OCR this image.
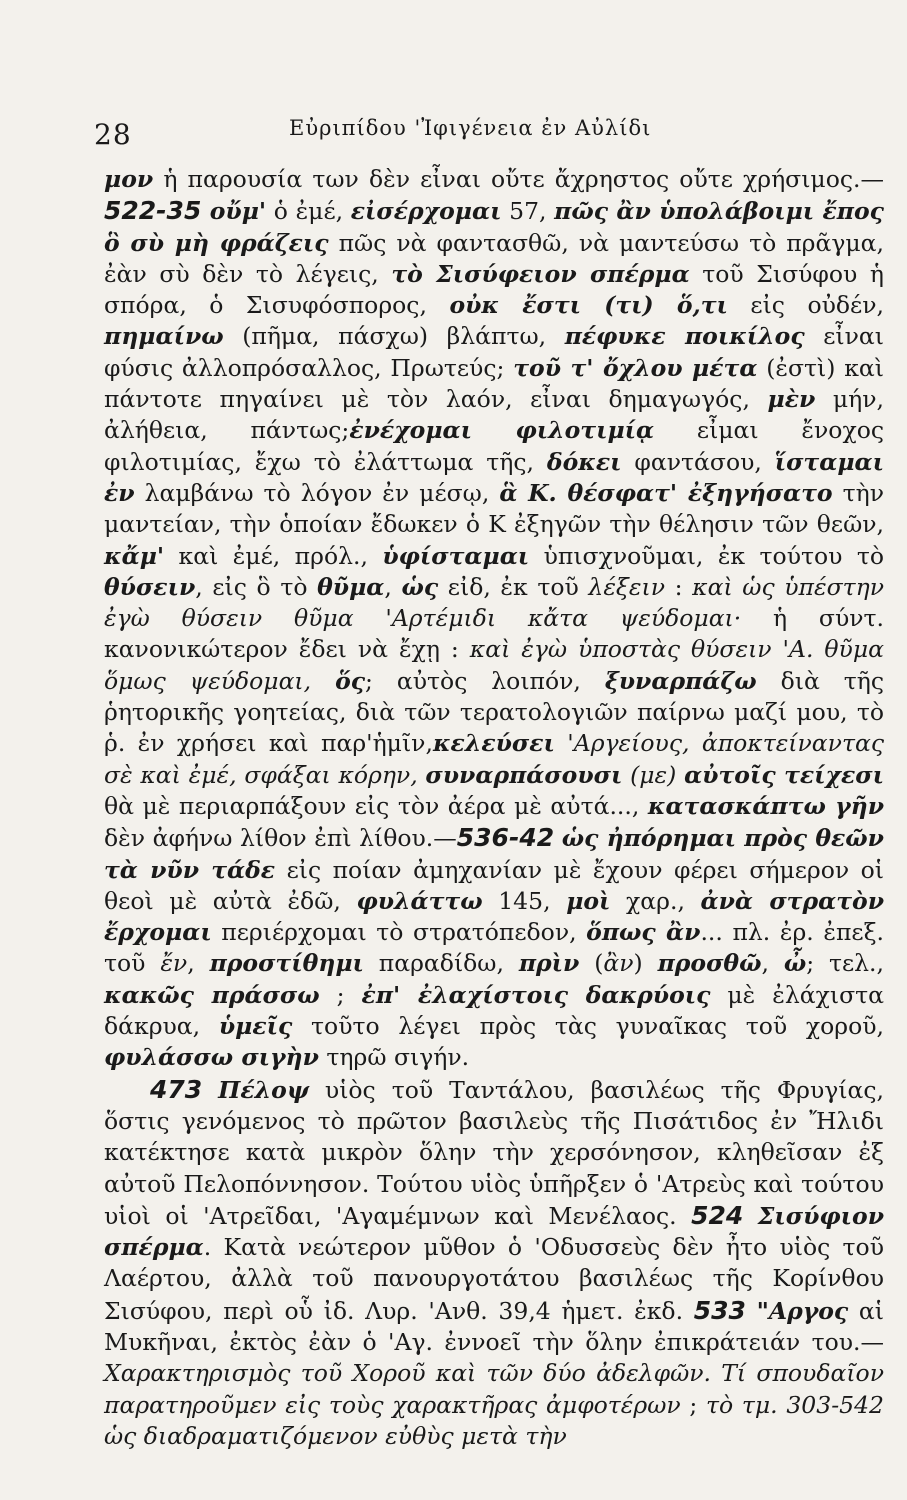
28	Εὐριπίδου 'Ἰφιγένεια ἐν Αὐλίδι

μον ἡ παρουσία των δὲν εἶναι οὔτε ἄχρηστος οὔτε χρήσιμος.— 522-35 οὔμ' ὁ ἐμέ, εἰσέρχομαι 57, πῶς ἂν ὑπολάβοιμι ἔπος ὃ σὺ μὴ φράζεις πῶς νὰ φαντασθῶ, νὰ μαντεύσω τὸ πρᾶγμα, ἐὰν σὺ δὲν τὸ λέγεις, τὸ Σισύφειον σπέρμα τοῦ Σισύφου ἡ σπόρα, ὁ Σισυφόσπορος, οὐκ ἔστι (τι) ὅ,τι εἰς οὐδέν, πημαίνω (πῆμα, πάσχω) βλάπτω, πέφυκε ποικίλος εἶναι φύσις ἀλλοπρόσαλλος, Πρωτεύς; τοῦ τ' ὄχλου μέτα (ἐστὶ) καὶ πάντοτε πηγαίνει μὲ τὸν λαόν, εἶναι δημαγωγός, μὲν μήν, ἀλήθεια, πάντως;ἐνέχομαι φιλοτιμίᾳ εἶμαι ἔνοχος φιλοτιμίας, ἔχω τὸ ἐλάττωμα τῆς, δόκει φαντάσου, ἵσταμαι ἐν λαμβάνω τὸ λόγον ἐν μέσῳ, ἃ Κ. θέσφατ' ἐξηγήσατο τὴν μαντείαν, τὴν ὁποίαν ἔδωκεν ὁ Κ ἐξηγῶν τὴν θέλησιν τῶν θεῶν, κἄμ' καὶ ἐμέ, πρόλ., ὑφίσταμαι ὑπισχνοῦμαι, ἐκ τούτου τὸ θύσειν, εἰς ὃ τὸ θῦμα, ὡς εἰδ, ἐκ τοῦ λέξειν : καὶ ὡς ὑπέστην ἐγὼ θύσειν θῦμα 'Αρτέμιδι κἄτα ψεύδομαι· ἡ σύντ. κανονικώτερον ἔδει νὰ ἔχῃ : καὶ ἐγὼ ὑποστὰς θύσειν 'Α. θῦμα ὅμως ψεύδομαι, ὅς; αὐτὸς λοιπόν, ξυναρπάζω διὰ τῆς ῥητορικῆς γοητείας, διὰ τῶν τερατολογιῶν παίρνω μαζί μου, τὸ ῥ. ἐν χρήσει καὶ παρ'ἡμῖν,κελεύσει 'Αργείους, ἀποκτείναντας σὲ καὶ ἐμέ, σφάξαι κόρην, συναρπάσουσι (με) αὐτοῖς τείχεσι θὰ μὲ περιαρπάξουν εἰς τὸν ἀέρα μὲ αὐτά..., κατασκάπτω γῆν δὲν ἀφήνω λίθον ἐπὶ λίθου.—536-42 ὡς ἠπόρημαι πρὸς θεῶν τὰ νῦν τάδε εἰς ποίαν ἀμηχανίαν μὲ ἔχουν φέρει σήμερον οἱ θεοὶ μὲ αὐτὰ ἐδῶ, φυλάττω 145, μοὶ χαρ., ἀνὰ στρατὸν ἔρχομαι περιέρχομαι τὸ στρατόπεδον, ὅπως ἂν... πλ. ἐρ. ἐπεξ. τοῦ ἔν, προστίθημι παραδίδω, πρὶν (ἂν) προσθῶ, ὦ; τελ., κακῶς πράσσω ; ἐπ' ἐλαχίστοις δακρύοις μὲ ἐλάχιστα δάκρυα, ὑμεῖς τοῦτο λέγει πρὸς τὰς γυναῖκας τοῦ χοροῦ, φυλάσσω σιγὴν τηρῶ σιγήν.

473 Πέλοψ υἱὸς τοῦ Ταντάλου, βασιλέως τῆς Φρυγίας, ὅστις γενόμενος τὸ πρῶτον βασιλεὺς τῆς Πισάτιδος ἐν Ἤλιδι κατέκτησε κατὰ μικρὸν ὅλην τὴν χερσόνησον, κληθεῖσαν ἐξ αὐτοῦ Πελοπόννησον. Τούτου υἱὸς ὑπῆρξεν ὁ 'Ατρεὺς καὶ τούτου υἱοὶ οἱ 'Ατρεῖδαι, 'Αγαμέμνων καὶ Μενέλαος. 524 Σισύφιον σπέρμα. Κατὰ νεώτερον μῦθον ὁ 'Οδυσσεὺς δὲν ἦτο υἱὸς τοῦ Λαέρτου, ἀλλὰ τοῦ πανουργοτάτου βασιλέως τῆς Κορίνθου Σισύφου, περὶ οὗ ἰδ. Λυρ. 'Ανθ. 39,4 ἡμετ. ἐκδ. 533 "Αργος αἱ Μυκῆναι, ἐκτὸς ἐὰν ὁ 'Αγ. ἐννοεῖ τὴν ὅλην ἐπικράτειάν του.— Χαρακτηρισμὸς τοῦ Χοροῦ καὶ τῶν δύο ἀδελφῶν. Τί σπουδαῖον παρατηροῦμεν εἰς τοὺς χαρακτῆρας ἀμφοτέρων ; τὸ τμ. 303-542 ὡς διαδραματιζόμενον εὐθὺς μετὰ τὴν
